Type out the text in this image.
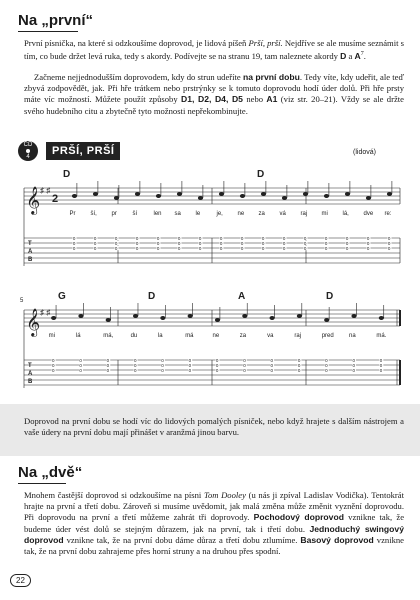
Na „první“

První písnička, na které si odzkoušíme doprovod, je lidová píšeň Prší, prší. Nejdříve se ale musíme seznámit s tím, co bude držet levá ruka, tedy s akordy. Podívejte se na stranu 19, tam naleznete akordy D a $A^7$.

Začneme nejjednodušším doprovodem, kdy do strun udeříte na první dobu. Tedy víte, kdy udeřit, ale teď zbyvá zodpovědět, jak. Při hře trátkem nebo prstrýnky se k tomuto doprovodu hodí úder dolů. Při hře prsty máte víc možností. Můžete použít způsoby D1, D2, D4, D5 nebo A1 (viz str. 20–21). Vždy se ale držte svého hudebního citu a zbytečně tyto možnosti nepřekombinujte.

CD
4	PRŠÍ, PRŠÍ	(lidová)
𝄞 ♯ ♯
2
T
A
B
D	D
Pr
0
0
0
ší,
0
0
0
pr
0
0
0
ší
0
0
0
len
0
0
0
sa
0
0
0
le
0
0
0
je,
0
0
0
ne
0
0
0
za
0
0
0
vá
0
0
0
raj
0
0
0
mi
0
0
0
lá,
0
0
0
dve
0
0
0
re:
0
0
0
5
𝄞 ♯ ♯
T
A
B
G	D	A	D
mi
0
0
0
lá
0
0
0
má,
0
0
0
du
0
0
0
la
0
0
0
má
0
0
0
ne
0
0
0
za
0
0
0
va
0
0
0
raj
0
0
0
pred
0
0
0
na
0
0
0
má.
0
0
0

Doprovod na první dobu se hodí víc do lidových pomalých písniček, nebo když hrajete s dalším nástrojem a vaše údery na první dobu mají přinášet v aranžmá jinou barvu.

Na „dvě“

Mnohem častější doprovod si odzkoušíme na písni Tom Dooley (u nás ji zpíval Ladislav Vodička). Tentokrát hrajte na první a třetí dobu. Zároveň si musíme uvědomit, jak malá změna může změnit vyznění doprovodu. Při doprovodu na první a třetí můžeme zahrát tři doprovody. Pochodový doprovod vznikne tak, že budeme úder vést dolů se stejným důrazem, jak na první, tak i třetí dobu. Jednoduchý swingový doprovod vznikne tak, že na první dobu dáme důraz a třetí dobu ztlumíme. Basový doprovod vznikne tak, že na první dobu zahrajeme přes horní struny a na druhou přes spodní.

22
